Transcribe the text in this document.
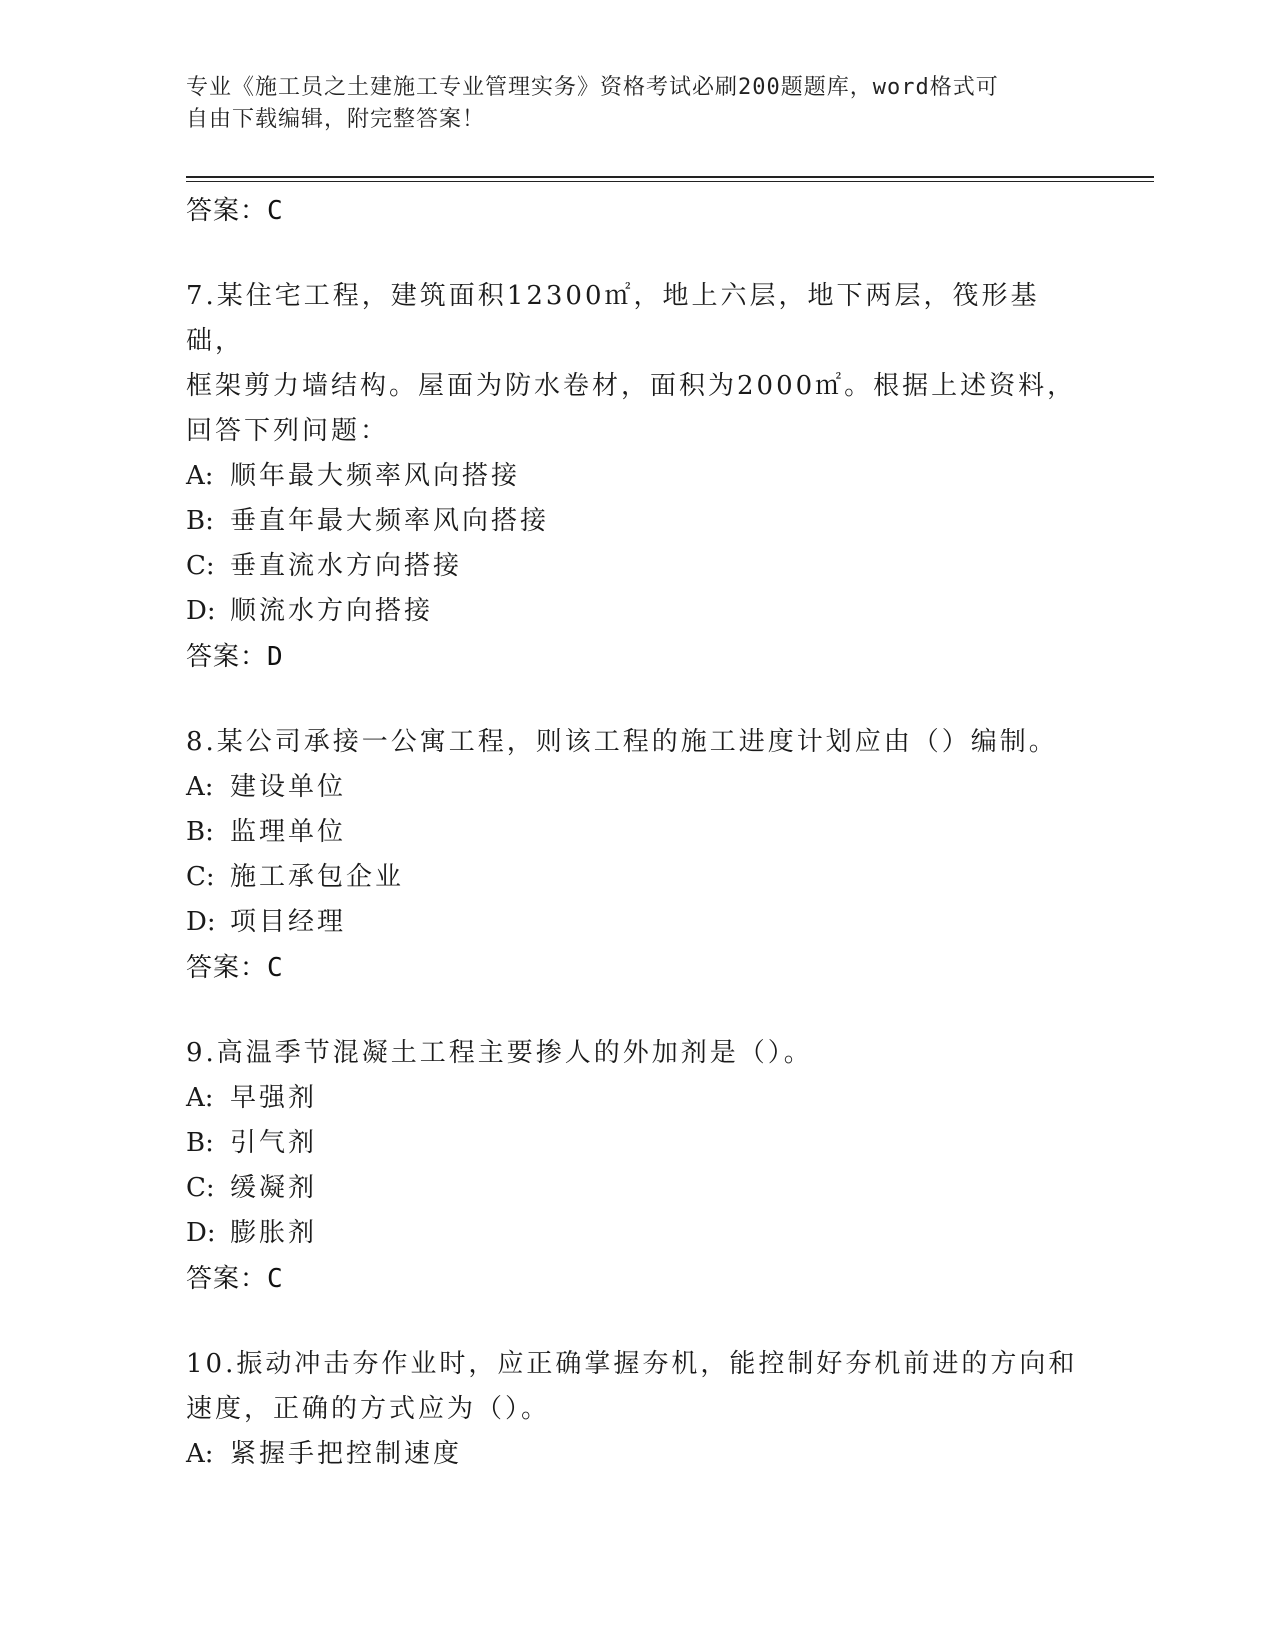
专业《施工员之土建施工专业管理实务》资格考试必刷200题题库，word格式可
自由下载编辑，附完整答案！
答案：C
7.某住宅工程，建筑面积12300㎡，地上六层，地下两层，筏形基础，
框架剪力墙结构。屋面为防水卷材，面积为2000㎡。根据上述资料，
回答下列问题：
A: 顺年最大频率风向搭接
B: 垂直年最大频率风向搭接
C: 垂直流水方向搭接
D: 顺流水方向搭接
答案：D
8.某公司承接一公寓工程，则该工程的施工进度计划应由（）编制。
A: 建设单位
B: 监理单位
C: 施工承包企业
D: 项目经理
答案：C
9.高温季节混凝土工程主要掺人的外加剂是（）。
A: 早强剂
B: 引气剂
C: 缓凝剂
D: 膨胀剂
答案：C
10.振动冲击夯作业时，应正确掌握夯机，能控制好夯机前进的方向和
速度，正确的方式应为（）。
A: 紧握手把控制速度
